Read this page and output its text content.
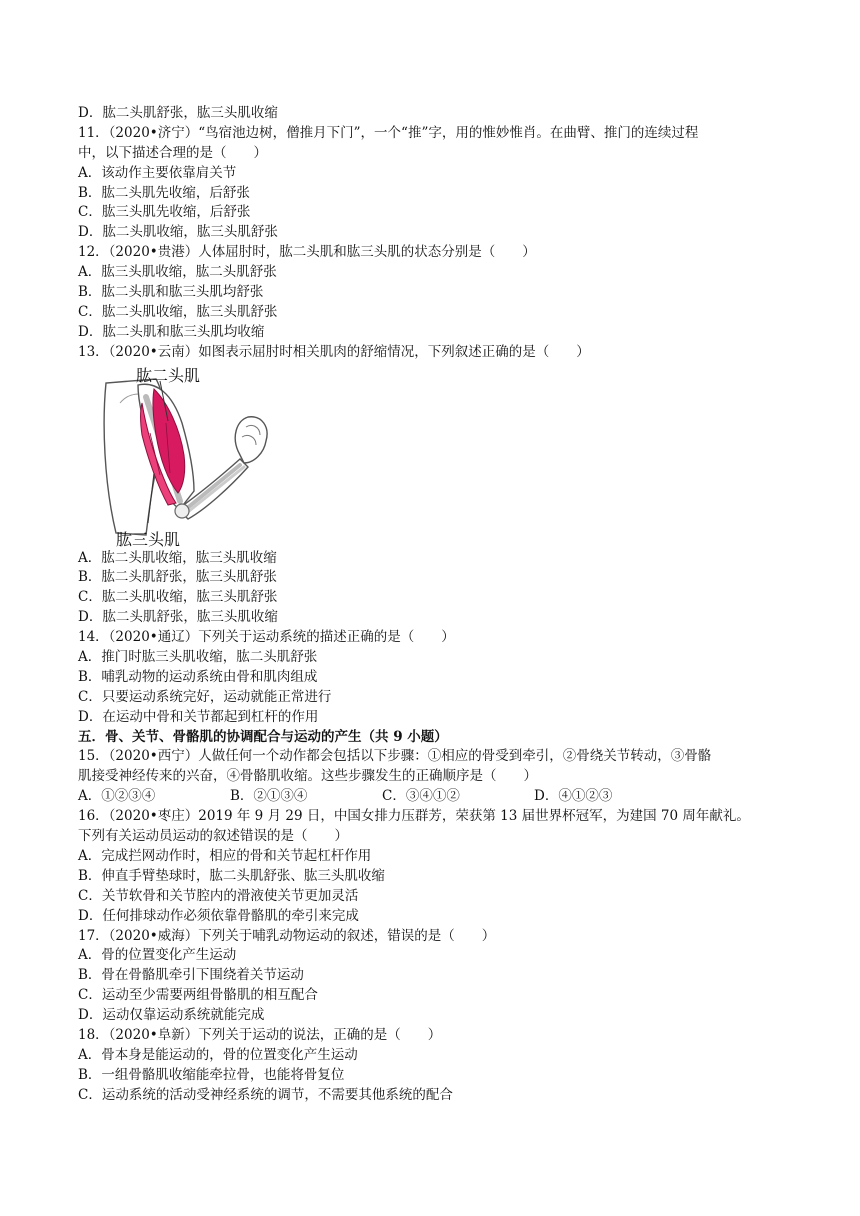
D．肱二头肌舒张，肱三头肌收缩
11．（2020•济宁）“鸟宿池边树，僧推月下门”，一个“推”字，用的惟妙惟肖。在曲臂、推门的连续过程
中，以下描述合理的是（　　）
A．该动作主要依靠肩关节
B．肱二头肌先收缩，后舒张
C．肱三头肌先收缩，后舒张
D．肱二头肌收缩，肱三头肌舒张
12．（2020•贵港）人体屈肘时，肱二头肌和肱三头肌的状态分别是（　　）
A．肱三头肌收缩，肱二头肌舒张
B．肱二头肌和肱三头肌均舒张
C．肱二头肌收缩，肱三头肌舒张
D．肱二头肌和肱三头肌均收缩
13．（2020•云南）如图表示屈肘时相关肌肉的舒缩情况，下列叙述正确的是（　　）
肱二头肌
肱三头肌
A．肱二头肌收缩，肱三头肌收缩
B．肱二头肌舒张，肱三头肌舒张
C．肱二头肌收缩，肱三头肌舒张
D．肱二头肌舒张，肱三头肌收缩
14．（2020•通辽）下列关于运动系统的描述正确的是（　　）
A．推门时肱三头肌收缩，肱二头肌舒张
B．哺乳动物的运动系统由骨和肌肉组成
C．只要运动系统完好，运动就能正常进行
D．在运动中骨和关节都起到杠杆的作用
五．骨、关节、骨骼肌的协调配合与运动的产生（共 9 小题）
15．（2020•西宁）人做任何一个动作都会包括以下步骤：①相应的骨受到牵引，②骨绕关节转动，③骨骼
肌接受神经传来的兴奋，④骨骼肌收缩。这些步骤发生的正确顺序是（　　）
A．①②③④	B．②①③④	C．③④①②	D．④①②③
16．（2020•枣庄）2019 年 9 月 29 日，中国女排力压群芳，荣获第 13 届世界杯冠军，为建国 70 周年献礼。
下列有关运动员运动的叙述错误的是（　　）
A．完成拦网动作时，相应的骨和关节起杠杆作用
B．伸直手臂垫球时，肱二头肌舒张、肱三头肌收缩
C．关节软骨和关节腔内的滑液使关节更加灵活
D．任何排球动作必须依靠骨骼肌的牵引来完成
17．（2020•威海）下列关于哺乳动物运动的叙述，错误的是（　　）
A．骨的位置变化产生运动
B．骨在骨骼肌牵引下围绕着关节运动
C．运动至少需要两组骨骼肌的相互配合
D．运动仅靠运动系统就能完成
18．（2020•阜新）下列关于运动的说法，正确的是（　　）
A．骨本身是能运动的，骨的位置变化产生运动
B．一组骨骼肌收缩能牵拉骨，也能将骨复位
C．运动系统的活动受神经系统的调节，不需要其他系统的配合
